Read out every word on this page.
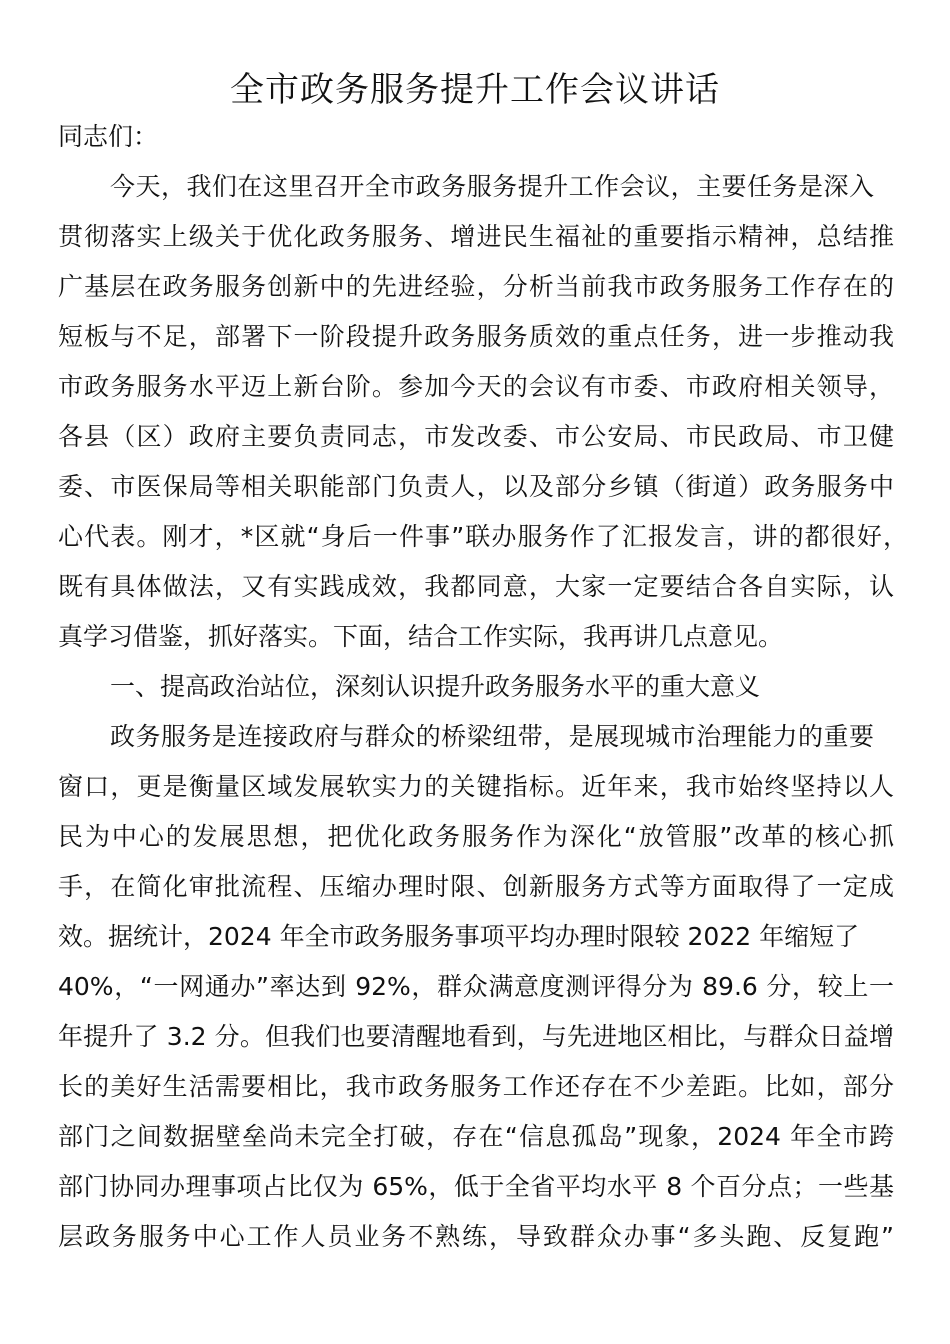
全市政务服务提升工作会议讲话
同志们：
今天，我们在这里召开全市政务服务提升工作会议，主要任务是深入
贯彻落实上级关于优化政务服务、增进民生福祉的重要指示精神，总结推
广基层在政务服务创新中的先进经验，分析当前我市政务服务工作存在的
短板与不足，部署下一阶段提升政务服务质效的重点任务，进一步推动我
市政务服务水平迈上新台阶。参加今天的会议有市委、市政府相关领导，
各县（区）政府主要负责同志，市发改委、市公安局、市民政局、市卫健
委、市医保局等相关职能部门负责人，以及部分乡镇（街道）政务服务中
心代表。刚才，*区就“身后一件事”联办服务作了汇报发言，讲的都很好，
既有具体做法，又有实践成效，我都同意，大家一定要结合各自实际，认
真学习借鉴，抓好落实。下面，结合工作实际，我再讲几点意见。
一、提高政治站位，深刻认识提升政务服务水平的重大意义
政务服务是连接政府与群众的桥梁纽带，是展现城市治理能力的重要
窗口，更是衡量区域发展软实力的关键指标。近年来，我市始终坚持以人
民为中心的发展思想，把优化政务服务作为深化“放管服”改革的核心抓
手，在简化审批流程、压缩办理时限、创新服务方式等方面取得了一定成
效。据统计，2024 年全市政务服务事项平均办理时限较 2022 年缩短了
40%，“一网通办”率达到 92%，群众满意度测评得分为 89.6 分，较上一
年提升了 3.2 分。但我们也要清醒地看到，与先进地区相比，与群众日益增
长的美好生活需要相比，我市政务服务工作还存在不少差距。比如，部分
部门之间数据壁垒尚未完全打破，存在“信息孤岛”现象，2024 年全市跨
部门协同办理事项占比仅为 65%，低于全省平均水平 8 个百分点；一些基
层政务服务中心工作人员业务不熟练，导致群众办事“多头跑、反复跑”
